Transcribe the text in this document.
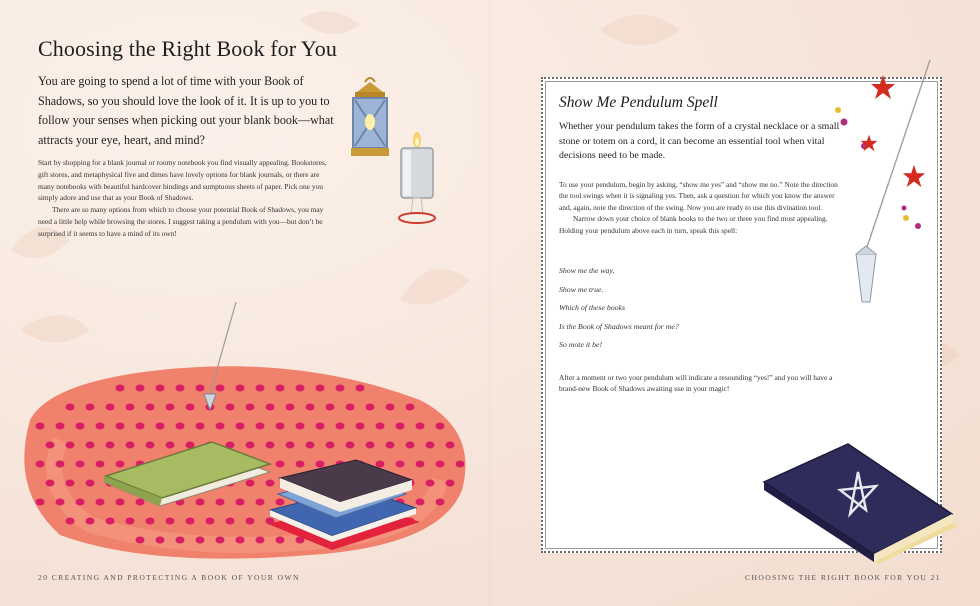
Choosing the Right Book for You
You are going to spend a lot of time with your Book of Shadows, so you should love the look of it. It is up to you to follow your senses when picking out your blank book—what attracts your eye, heart, and mind?

Start by shopping for a blank journal or roomy notebook you find visually appealing. Bookstores, gift stores, and metaphysical five and dimes have lovely options for blank journals, or there are many notebooks with beautiful hardcover bindings and sumptuous sheets of paper. Pick one you simply adore and use that as your Book of Shadows.

There are so many options from which to choose your potential Book of Shadows, you may need a little help while browsing the stores. I suggest taking a pendulum with you—but don’t be surprised if it seems to have a mind of its own!

20 CREATING AND PROTECTING A BOOK OF YOUR OWN
Show Me Pendulum Spell
Whether your pendulum takes the form of a crystal necklace or a small stone or totem on a cord, it can become an essential tool when vital decisions need to be made.

To use your pendulum, begin by asking, “show me yes” and “show me no.” Note the direction the tool swings when it is signaling yes. Then, ask a question for which you know the answer and, again, note the direction of the swing. Now you are ready to use this divination tool.

Narrow down your choice of blank books to the two or three you find most appealing. Holding your pendulum above each in turn, speak this spell:

Show me the way,
Show me true.
Which of these books
Is the Book of Shadows meant for me?
So mote it be!
After a moment or two your pendulum will indicate a resounding “yes!” and you will have a brand-new Book of Shadows awaiting use in your magic!
CHOOSING THE RIGHT BOOK FOR YOU 21
